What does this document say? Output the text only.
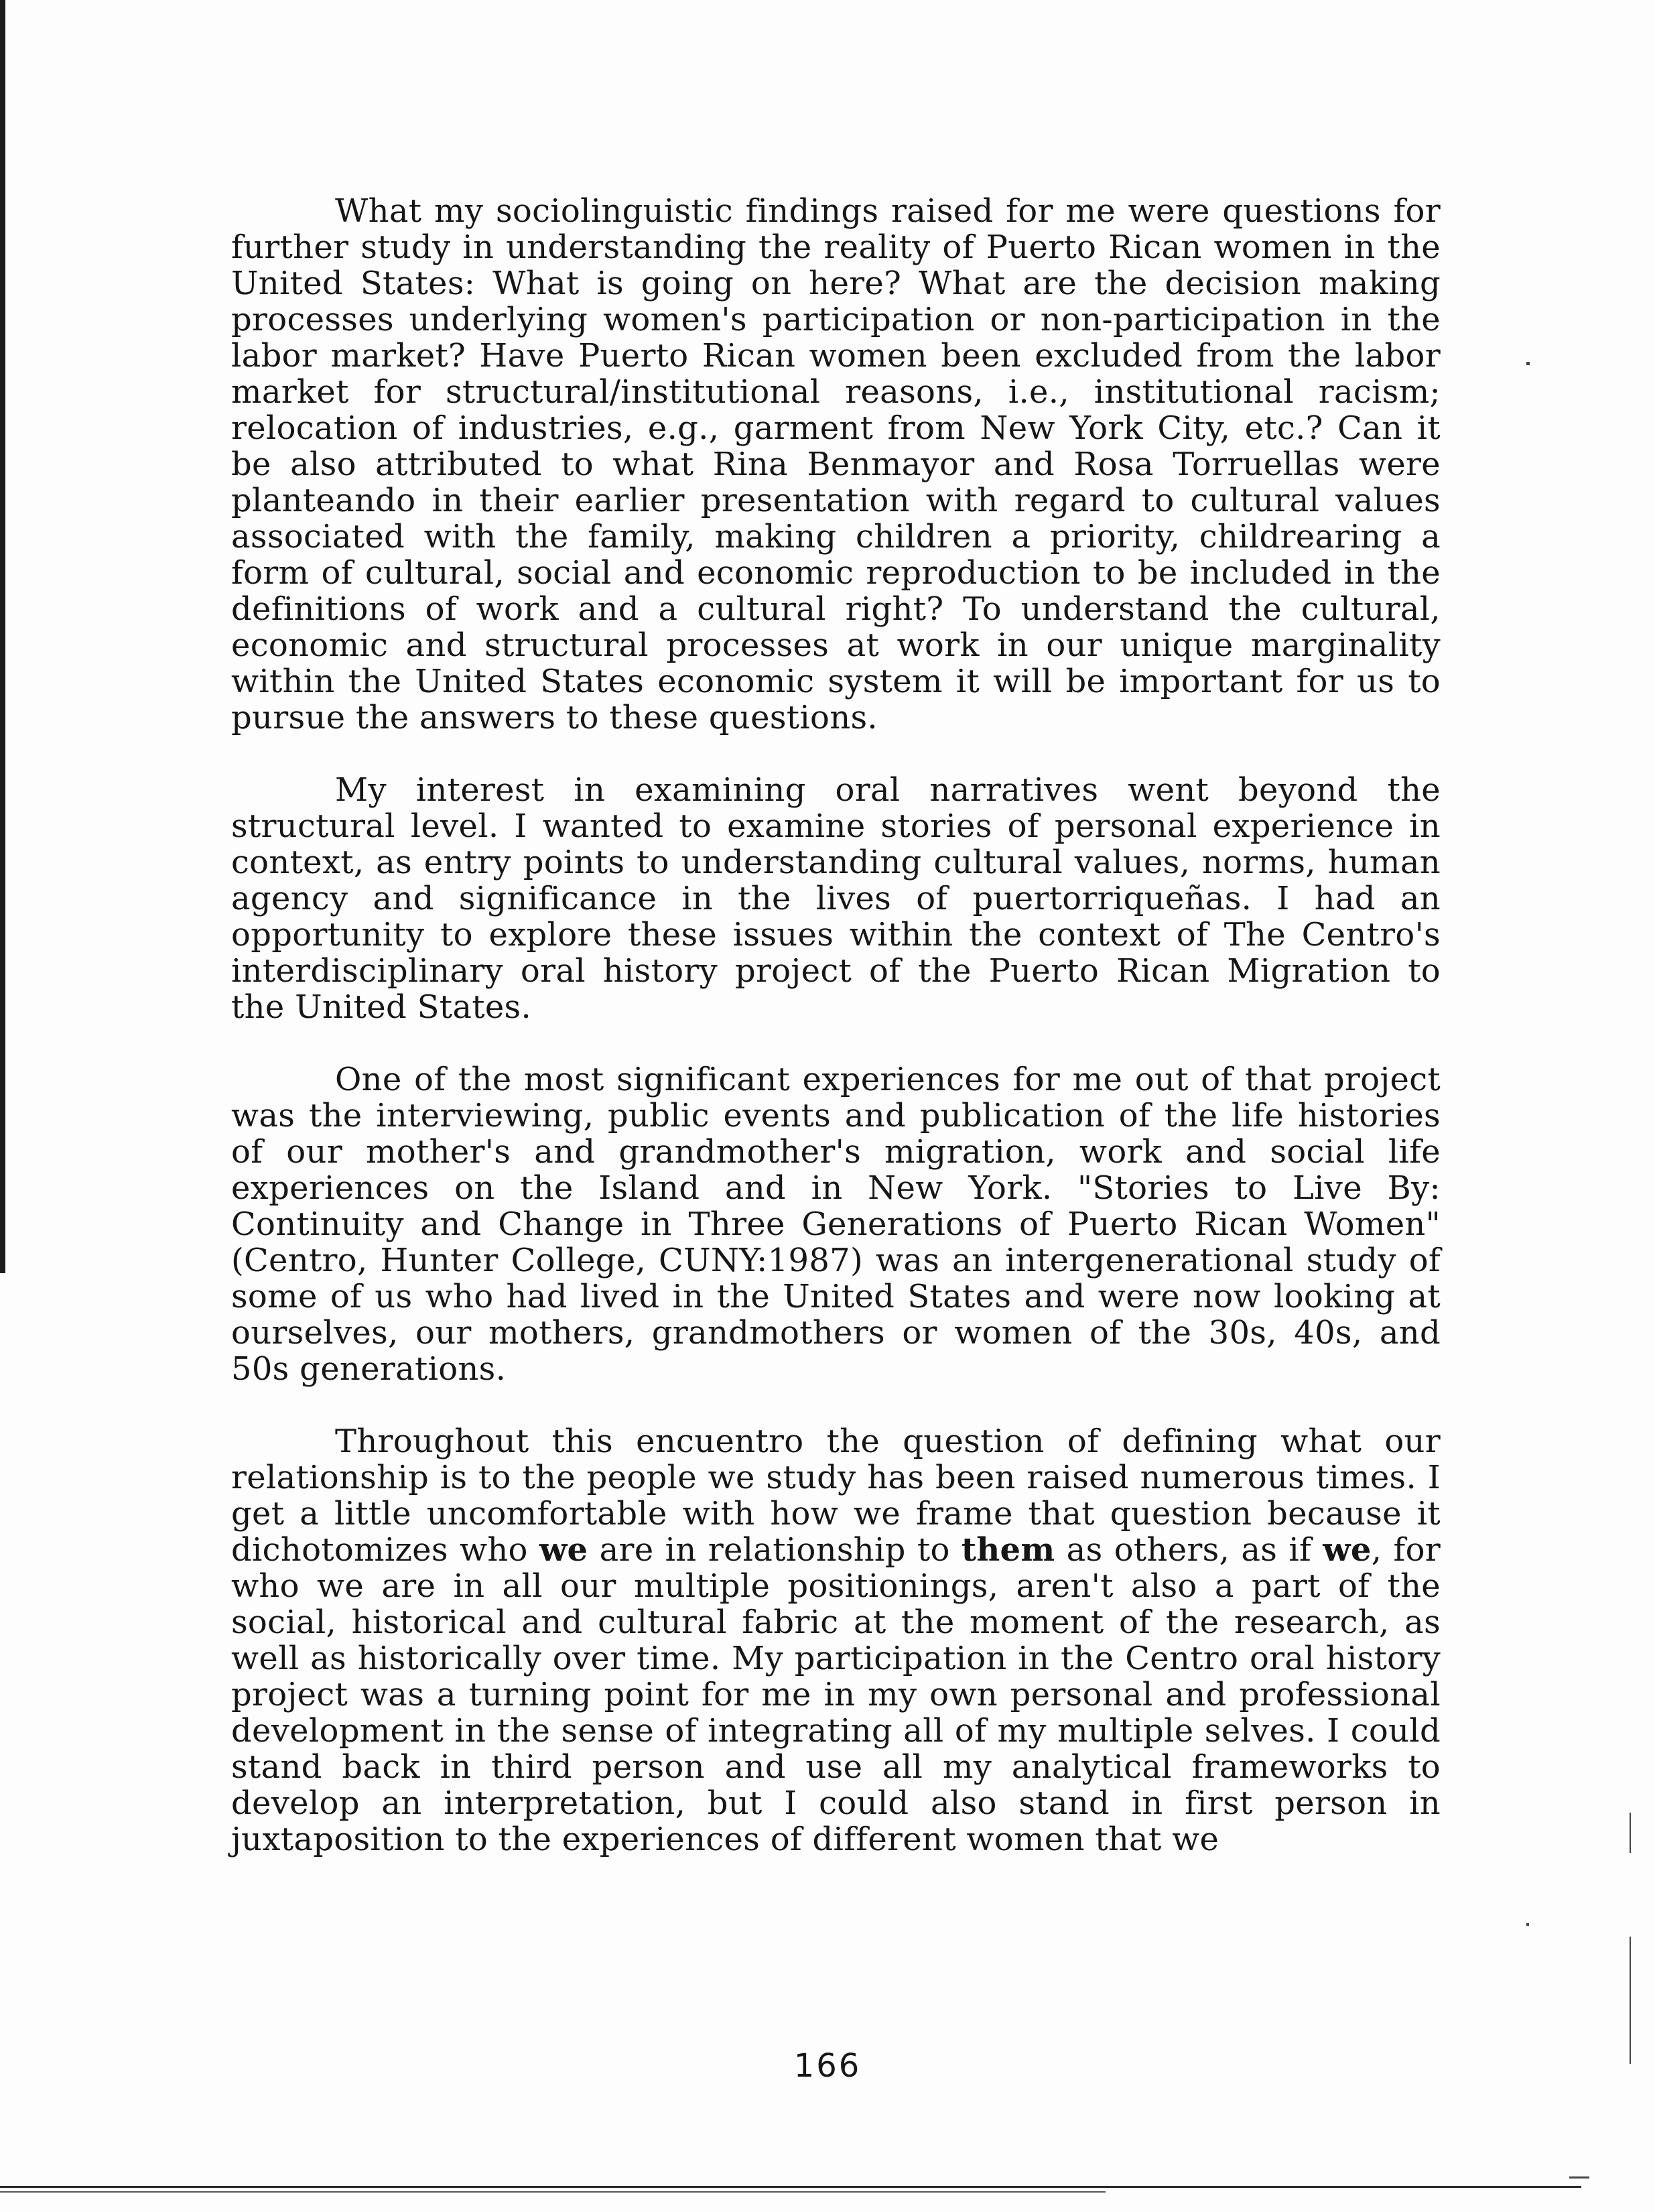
What my sociolinguistic findings raised for me were questions for further study in understanding the reality of Puerto Rican women in the United States: What is going on here? What are the decision making processes underlying women's participation or non-participation in the labor market? Have Puerto Rican women been excluded from the labor market for structural/institutional reasons, i.e., institutional racism; relocation of industries, e.g., garment from New York City, etc.? Can it be also attributed to what Rina Benmayor and Rosa Torruellas were planteando in their earlier presentation with regard to cultural values associated with the family, making children a priority, childrearing a form of cultural, social and economic reproduction to be included in the definitions of work and a cultural right? To understand the cultural, economic and structural processes at work in our unique marginality within the United States economic system it will be important for us to pursue the answers to these questions.

My interest in examining oral narratives went beyond the structural level. I wanted to examine stories of personal experience in context, as entry points to understanding cultural values, norms, human agency and significance in the lives of puertorriqueñas. I had an opportunity to explore these issues within the context of The Centro's interdisciplinary oral history project of the Puerto Rican Migration to the United States.

One of the most significant experiences for me out of that project was the interviewing, public events and publication of the life histories of our mother's and grandmother's migration, work and social life experiences on the Island and in New York. "Stories to Live By: Continuity and Change in Three Generations of Puerto Rican Women" (Centro, Hunter College, CUNY:1987) was an intergenerational study of some of us who had lived in the United States and were now looking at ourselves, our mothers, grandmothers or women of the 30s, 40s, and 50s generations.

Throughout this encuentro the question of defining what our relationship is to the people we study has been raised numerous times. I get a little uncomfortable with how we frame that question because it dichotomizes who we are in relationship to them as others, as if we, for who we are in all our multiple positionings, aren't also a part of the social, historical and cultural fabric at the moment of the research, as well as historically over time. My participation in the Centro oral history project was a turning point for me in my own personal and professional development in the sense of integrating all of my multiple selves. I could stand back in third person and use all my analytical frameworks to develop an interpretation, but I could also stand in first person in juxtaposition to the experiences of different women that we

166
